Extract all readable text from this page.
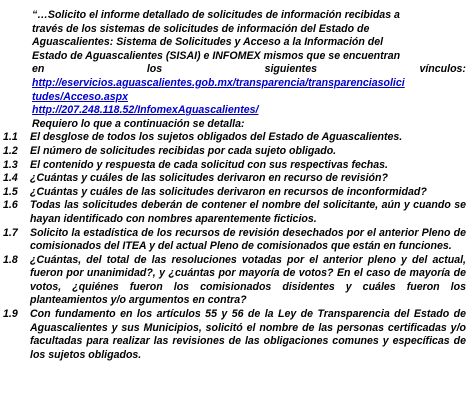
“…Solicito el informe detallado de solicitudes de información recibidas a
través de los sistemas de solicitudes de información del Estado de
Aguascalientes: Sistema de Solicitudes y Acceso a la Información del
Estado de Aguascalientes (SISAI) e INFOMEX mismos que se encuentran
en	los	siguientes	vínculos:
http://eservicios.aguascalientes.gob.mx/transparencia/transparenciasolici
tudes/Acceso.aspx
http://207.248.118.52/InfomexAguascalientes/
Requiero lo que a continuación se detalla:
1.1	El desglose de todos los sujetos obligados del Estado de Aguascalientes.
1.2	El número de solicitudes recibidas por cada sujeto obligado.
1.3	El contenido y respuesta de cada solicitud con sus respectivas fechas.
1.4	¿Cuántas y cuáles de las solicitudes derivaron en recurso de revisión?
1.5	¿Cuántas y cuáles de las solicitudes derivaron en recursos de inconformidad?
1.6	Todas las solicitudes deberán de contener el nombre del solicitante, aún y cuando se hayan identificado con nombres aparentemente ficticios.
1.7	Solicito la estadística de los recursos de revisión desechados por el anterior Pleno de comisionados del ITEA y del actual Pleno de comisionados que están en funciones.
1.8	¿Cuántas, del total de las resoluciones votadas por el anterior pleno y del actual, fueron por unanimidad?, y ¿cuántas por mayoría de votos? En el caso de mayoría de votos, ¿quiénes fueron los comisionados disidentes y cuáles fueron los planteamientos y/o argumentos en contra?
1.9	Con fundamento en los artículos 55 y 56 de la Ley de Transparencia del Estado de Aguascalientes y sus Municipios, solicitó el nombre de las personas certificadas y/o facultadas para realizar las revisiones de las obligaciones comunes y específicas de los sujetos obligados.
